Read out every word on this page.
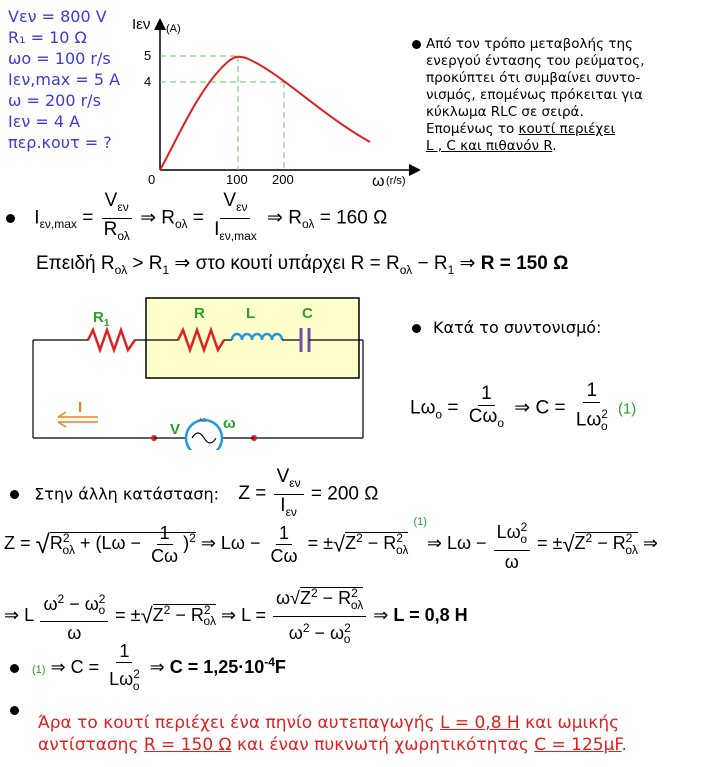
Vεν = 800 V
R₁ = 10 Ω
ωo = 100 r/s
Iεν,max = 5 A
ω = 200 r/s
Iεν = 4 A
περ.κουτ = ?
Iεν (A)
5
4
0	100 200	ω (r/s)
Από τον τρόπο μεταβολής της
ενεργού έντασης του ρεύματος,
προκύπτει ότι συμβαίνει συντο-
νισμός, επομένως πρόκειται για
κύκλωμα RLC σε σειρά.
Επομένως το κουτί περιέχει
L , C και πιθανόν R.
$I_{\varepsilon\nu,max} = \frac{V_{\varepsilon\nu}}{R_{o\lambda}}$ ⇒ $R_{o\lambda} = \frac{V_{\varepsilon\nu}}{I_{\varepsilon\nu,max}}$ ⇒ $R_{o\lambda} = 160$ Ω
Επειδή $R_{o\lambda} > R_1$ ⇒ στο κουτί υπάρχει $R = R_{o\lambda} - R_1$ ⇒ R = 150 Ω
$R_1$
R	L	C
I
V	ω
AC
Κατά το συντονισμό:
$L\omega_o = \frac{1}{C\omega_o}$ ⇒ $C = \frac{1}{L\omega^2_o} (1)$
Στην άλλη κατάσταση: $Z = \frac{V_{\varepsilon\nu}}{I_{\varepsilon\nu}} = 200$ Ω
$Z = √R^2_{o\lambda} + (L\omega - \frac{1}{C\omega} )^2$ ⇒ $L\omega - \frac{1}{C\omega} = \pm√Z^2 - R^2_{o\lambda}$ $^{(1)}$⇒ $L\omega - \frac{L\omega^2_o}{\omega} = \pm√Z^2 - R^2_{o\lambda}$ ⇒
⇒ L $\frac{\omega^2 - \omega^2_o}{\omega} = \pm√Z^2 - R^2_{o\lambda}$ ⇒ $L = \frac{\omega√Z^2 - R^2_{o\lambda}}{\omega^2 - \omega^2_o}$ ⇒ L = 0,8 H
(1) ⇒ $C = \frac{1}{L\omega^2_o}$ ⇒ $C = 1,25\cdot 10^{-4}F$
Άρα το κουτί περιέχει ένα πηνίο αυτεπαγωγής L = 0,8 H και ωμικής
αντίστασης R = 150 Ω και έναν πυκνωτή χωρητικότητας C = 125μF.
